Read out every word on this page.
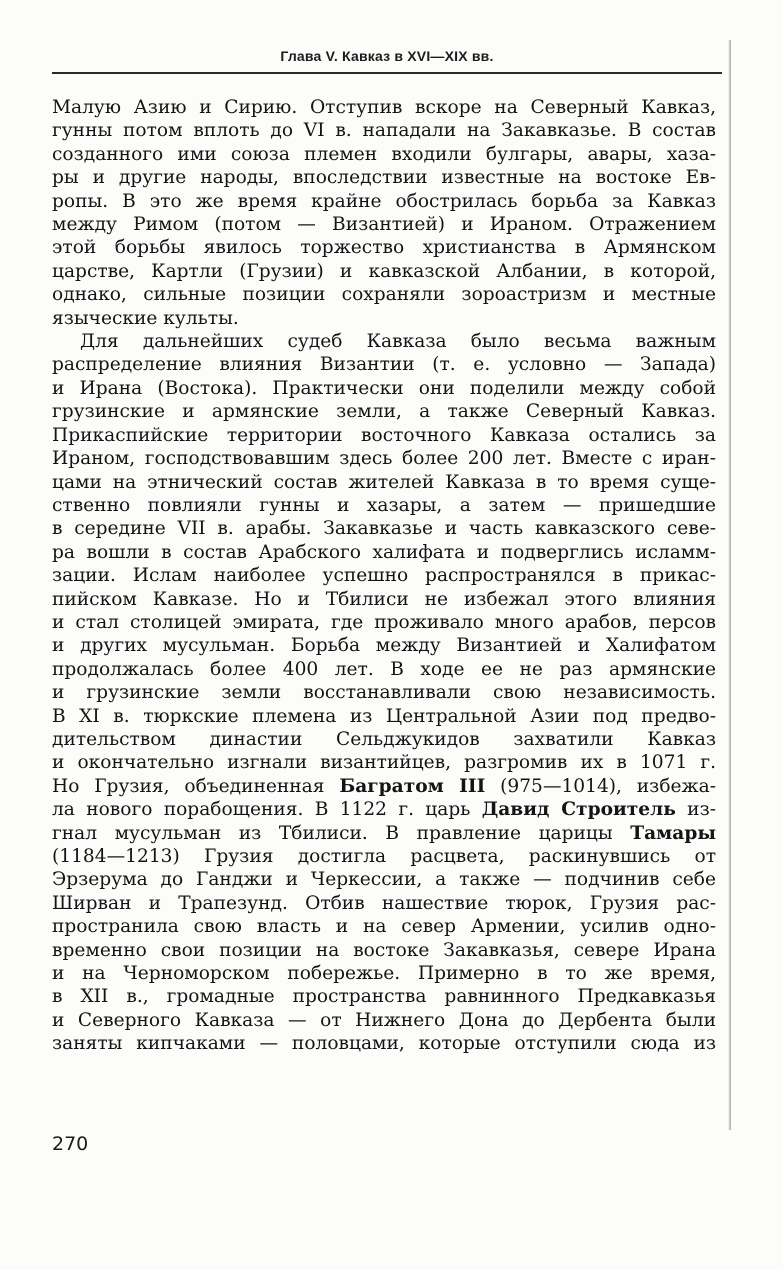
Глава V. Кавказ в XVI—XIX вв.
Малую Азию и Сирию. Отступив вскоре на Северный Кавказ,
гунны потом вплоть до VI в. нападали на Закавказье. В состав
созданного ими союза племен входили булгары, авары, хаза-
ры и другие народы, впоследствии известные на востоке Ев-
ропы. В это же время крайне обострилась борьба за Кавказ
между Римом (потом — Византией) и Ираном. Отражением
этой борьбы явилось торжество христианства в Армянском
царстве, Картли (Грузии) и кавказской Албании, в которой,
однако, сильные позиции сохраняли зороастризм и местные
языческие культы.
Для дальнейших судеб Кавказа было весьма важным
распределение влияния Византии (т. е. условно — Запада)
и Ирана (Востока). Практически они поделили между собой
грузинские и армянские земли, а также Северный Кавказ.
Прикаспийские территории восточного Кавказа остались за
Ираном, господствовавшим здесь более 200 лет. Вместе с иран-
цами на этнический состав жителей Кавказа в то время суще-
ственно повлияли гунны и хазары, а затем — пришедшие
в середине VII в. арабы. Закавказье и часть кавказского севе-
ра вошли в состав Арабского халифата и подверглись исламм-
зации. Ислам наиболее успешно распространялся в прикас-
пийском Кавказе. Но и Тбилиси не избежал этого влияния
и стал столицей эмирата, где проживало много арабов, персов
и других мусульман. Борьба между Византией и Халифатом
продолжалась более 400 лет. В ходе ее не раз армянские
и грузинские земли восстанавливали свою независимость.
В XI в. тюркские племена из Центральной Азии под предво-
дительством династии Сельджукидов захватили Кавказ
и окончательно изгнали византийцев, разгромив их в 1071 г.
Но Грузия, объединенная Багратом III (975—1014), избежа-
ла нового порабощения. В 1122 г. царь Давид Строитель из-
гнал мусульман из Тбилиси. В правление царицы Тамары
(1184—1213) Грузия достигла расцвета, раскинувшись от
Эрзерума до Ганджи и Черкессии, а также — подчинив себе
Ширван и Трапезунд. Отбив нашествие тюрок, Грузия рас-
пространила свою власть и на север Армении, усилив одно-
временно свои позиции на востоке Закавказья, севере Ирана
и на Черноморском побережье. Примерно в то же время,
в XII в., громадные пространства равнинного Предкавказья
и Северного Кавказа — от Нижнего Дона до Дербента были
заняты кипчаками — половцами, которые отступили сюда из
270
